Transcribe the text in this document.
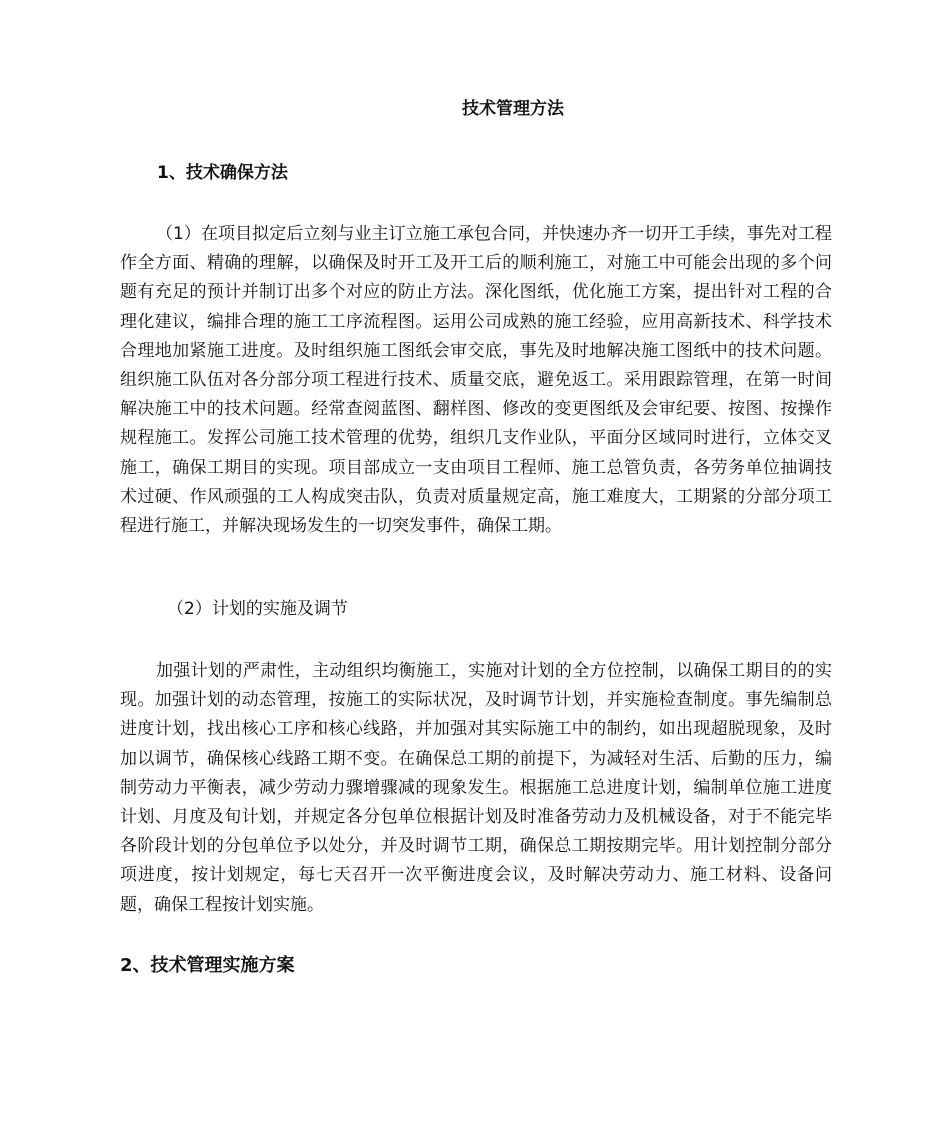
技术管理方法
1、技术确保方法

（1）在项目拟定后立刻与业主订立施工承包合同，并快速办齐一切开工手续，事先对工程作全方面、精确的理解，以确保及时开工及开工后的顺利施工，对施工中可能会出现的多个问题有充足的预计并制订出多个对应的防止方法。深化图纸，优化施工方案，提出针对工程的合理化建议，编排合理的施工工序流程图。运用公司成熟的施工经验，应用高新技术、科学技术合理地加紧施工进度。及时组织施工图纸会审交底，事先及时地解决施工图纸中的技术问题。组织施工队伍对各分部分项工程进行技术、质量交底，避免返工。采用跟踪管理，在第一时间解决施工中的技术问题。经常查阅蓝图、翻样图、修改的变更图纸及会审纪要、按图、按操作规程施工。发挥公司施工技术管理的优势，组织几支作业队，平面分区域同时进行，立体交叉施工，确保工期目的实现。项目部成立一支由项目工程师、施工总管负责，各劳务单位抽调技术过硬、作风顽强的工人构成突击队，负责对质量规定高，施工难度大，工期紧的分部分项工程进行施工，并解决现场发生的一切突发事件，确保工期。

（2）计划的实施及调节

加强计划的严肃性，主动组织均衡施工，实施对计划的全方位控制，以确保工期目的的实现。加强计划的动态管理，按施工的实际状况，及时调节计划，并实施检查制度。事先编制总进度计划，找出核心工序和核心线路，并加强对其实际施工中的制约，如出现超脱现象，及时加以调节，确保核心线路工期不变。在确保总工期的前提下，为减轻对生活、后勤的压力，编制劳动力平衡表，减少劳动力骤增骤减的现象发生。根据施工总进度计划，编制单位施工进度计划、月度及旬计划，并规定各分包单位根据计划及时准备劳动力及机械设备，对于不能完毕各阶段计划的分包单位予以处分，并及时调节工期，确保总工期按期完毕。用计划控制分部分项进度，按计划规定，每七天召开一次平衡进度会议，及时解决劳动力、施工材料、设备问题，确保工程按计划实施。

2、技术管理实施方案
